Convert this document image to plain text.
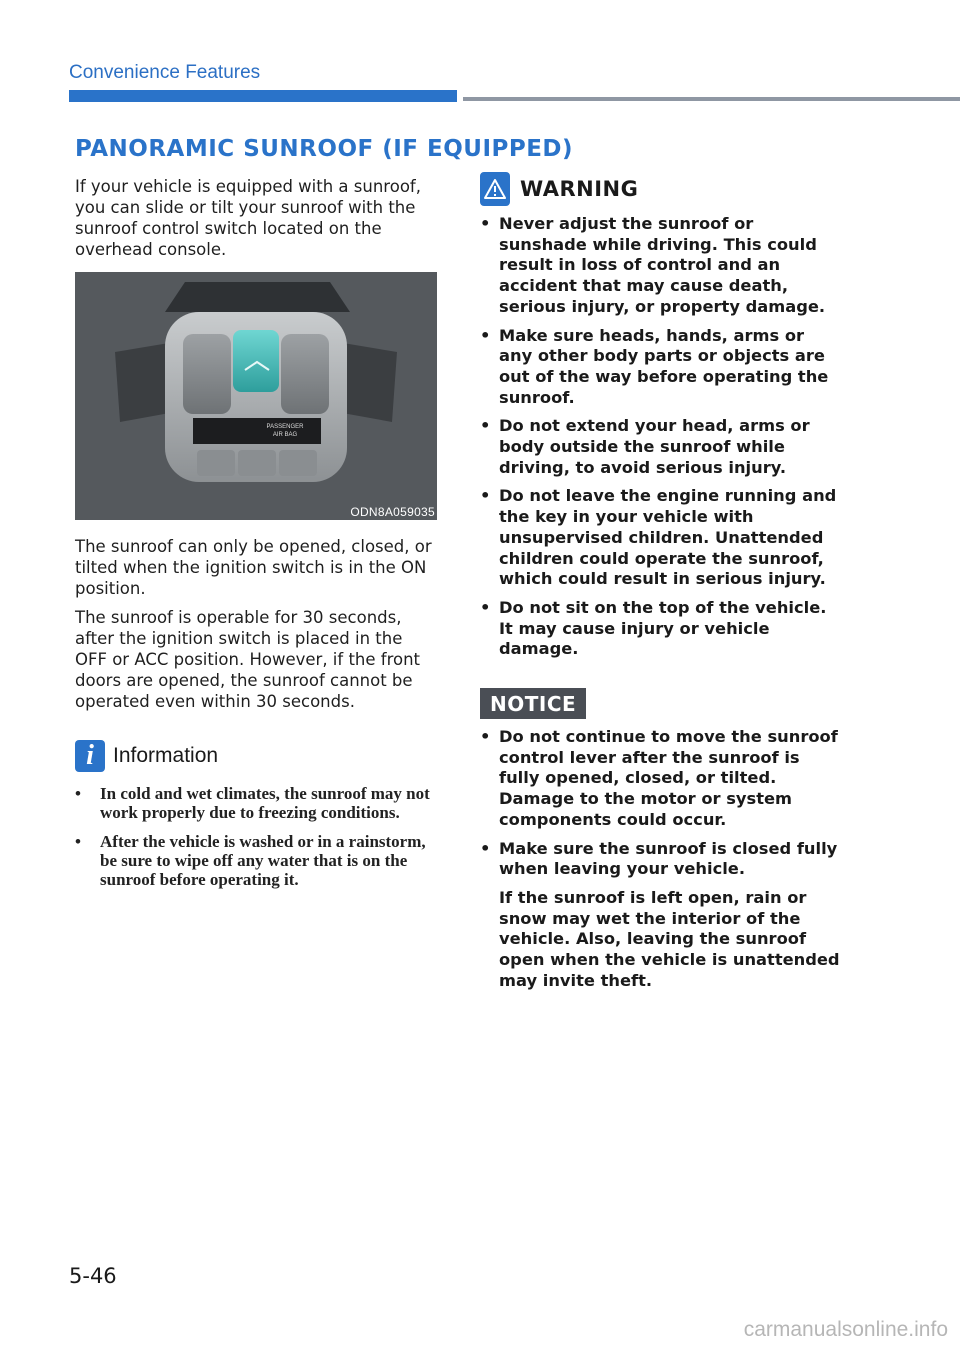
Convenience Features
PANORAMIC SUNROOF (IF EQUIPPED)

If your vehicle is equipped with a sunroof, you can slide or tilt your sunroof with the sunroof control switch located on the overhead console.

PASSENGER
AIR BAG
ODN8A059035

The sunroof can only be opened, closed, or tilted when the ignition switch is in the ON position.

The sunroof is operable for 30 seconds, after the ignition switch is placed in the OFF or ACC position. However, if the front doors are opened, the sunroof cannot be operated even within 30 seconds.

i Information
• In cold and wet climates, the sunroof may not work properly due to freezing conditions.
• After the vehicle is washed or in a rainstorm, be sure to wipe off any water that is on the sunroof before operating it.
WARNING
• Never adjust the sunroof or sunshade while driving. This could result in loss of control and an accident that may cause death, serious injury, or property damage.
• Make sure heads, hands, arms or any other body parts or objects are out of the way before operating the sunroof.
• Do not extend your head, arms or body outside the sunroof while driving, to avoid serious injury.
• Do not leave the engine running and the key in your vehicle with unsupervised children. Unattended children could operate the sunroof, which could result in serious injury.
• Do not sit on the top of the vehicle. It may cause injury or vehicle damage.
NOTICE
• Do not continue to move the sunroof control lever after the sunroof is fully opened, closed, or tilted. Damage to the motor or system components could occur.
• Make sure the sunroof is closed fully when leaving your vehicle.
If the sunroof is left open, rain or snow may wet the interior of the vehicle. Also, leaving the sunroof open when the vehicle is unattended may invite theft.
5-46
carmanualsonline.info
